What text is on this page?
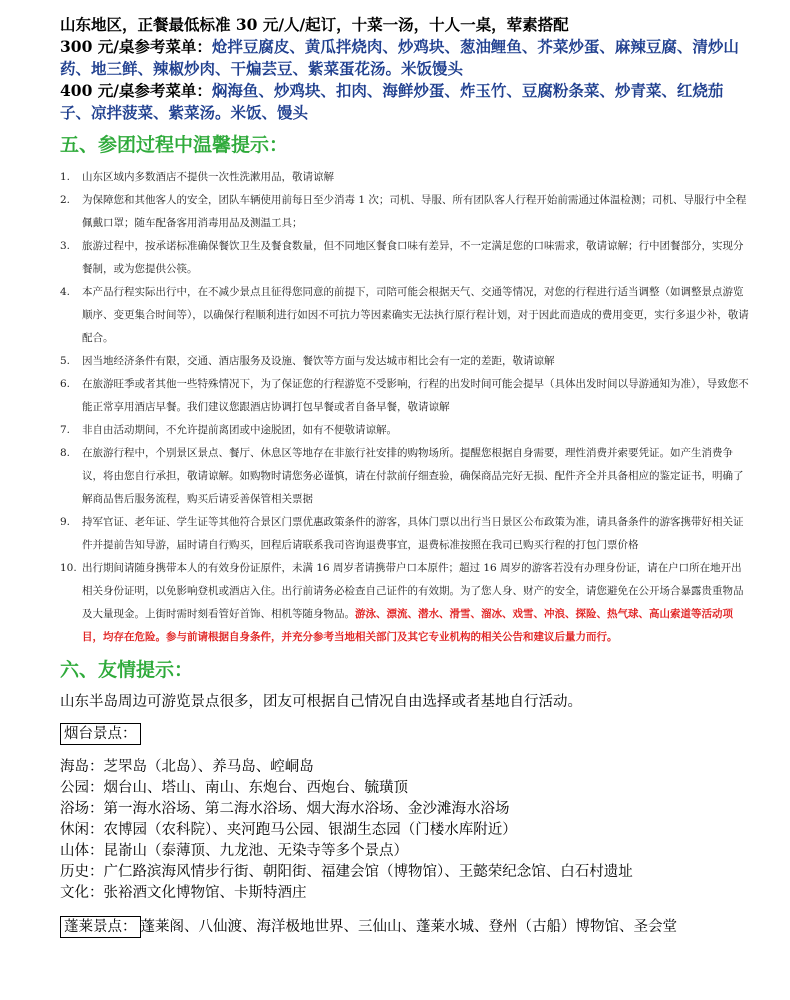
山东地区，正餐最低标准 30 元/人/起订，十菜一汤，十人一桌，荤素搭配

300 元/桌参考菜单：炝拌豆腐皮、黄瓜拌烧肉、炒鸡块、葱油鲤鱼、芥菜炒蛋、麻辣豆腐、清炒山药、地三鲜、辣椒炒肉、干煸芸豆、紫菜蛋花汤。米饭馒头

400 元/桌参考菜单：焖海鱼、炒鸡块、扣肉、海鲜炒蛋、炸玉竹、豆腐粉条菜、炒青菜、红烧茄子、凉拌菠菜、紫菜汤。米饭、馒头

五、参团过程中温馨提示：
1. 山东区域内多数酒店不提供一次性洗漱用品，敬请谅解
2. 为保障您和其他客人的安全，团队车辆使用前每日至少消毒 1 次；司机、导服、所有团队客人行程开始前需通过体温检测；司机、导服行中全程佩戴口罩；随车配备客用消毒用品及测温工具；
3. 旅游过程中，按承诺标准确保餐饮卫生及餐食数量，但不同地区餐食口味有差异，不一定满足您的口味需求，敬请谅解；行中团餐部分，实现分餐制，或为您提供公筷。
4. 本产品行程实际出行中，在不减少景点且征得您同意的前提下，司陪可能会根据天气、交通等情况，对您的行程进行适当调整（如调整景点游览顺序、变更集合时间等），以确保行程顺利进行如因不可抗力等因素确实无法执行原行程计划，对于因此而造成的费用变更，实行多退少补，敬请配合。
5. 因当地经济条件有限，交通、酒店服务及设施、餐饮等方面与发达城市相比会有一定的差距，敬请谅解
6. 在旅游旺季或者其他一些特殊情况下，为了保证您的行程游览不受影响，行程的出发时间可能会提早（具体出发时间以导游通知为准），导致您不能正常享用酒店早餐。我们建议您跟酒店协调打包早餐或者自备早餐，敬请谅解
7. 非自由活动期间，不允许提前离团或中途脱团，如有不便敬请谅解。
8. 在旅游行程中，个别景区景点、餐厅、休息区等地存在非旅行社安排的购物场所。提醒您根据自身需要，理性消费并索要凭证。如产生消费争议，将由您自行承担，敬请谅解。如购物时请您务必谨慎，请在付款前仔细查验，确保商品完好无损、配件齐全并具备相应的鉴定证书，明确了解商品售后服务流程，购买后请妥善保管相关票据
9. 持军官证、老年证、学生证等其他符合景区门票优惠政策条件的游客，具体门票以出行当日景区公布政策为准，请具备条件的游客携带好相关证件并提前告知导游，届时请自行购买，回程后请联系我司咨询退费事宜，退费标准按照在我司已购买行程的打包门票价格
10. 出行期间请随身携带本人的有效身份证原件，未满 16 周岁者请携带户口本原件；超过 16 周岁的游客若没有办理身份证，请在户口所在地开出相关身份证明，以免影响登机或酒店入住。出行前请务必检查自己证件的有效期。为了您人身、财产的安全，请您避免在公开场合暴露贵重物品及大量现金。上街时需时刻看管好首饰、相机等随身物品。游泳、漂流、潜水、滑雪、溜冰、戏雪、冲浪、探险、热气球、高山索道等活动项目，均存在危险。参与前请根据自身条件，并充分参考当地相关部门及其它专业机构的相关公告和建议后量力而行。
六、友情提示：
山东半岛周边可游览景点很多，团友可根据自己情况自由选择或者基地自行活动。
烟台景点：

海岛：芝罘岛（北岛）、养马岛、崆峒岛

公园：烟台山、塔山、南山、东炮台、西炮台、毓璜顶

浴场：第一海水浴场、第二海水浴场、烟大海水浴场、金沙滩海水浴场

休闲：农博园（农科院）、夹河跑马公园、银湖生态园（门楼水库附近）

山体：昆嵛山（泰薄顶、九龙池、无染寺等多个景点）

历史：广仁路滨海风情步行街、朝阳街、福建会馆（博物馆）、王懿荣纪念馆、白石村遗址

文化：张裕酒文化博物馆、卡斯特酒庄

蓬莱景点： 蓬莱阁、八仙渡、海洋极地世界、三仙山、蓬莱水城、登州（古船）博物馆、圣会堂
